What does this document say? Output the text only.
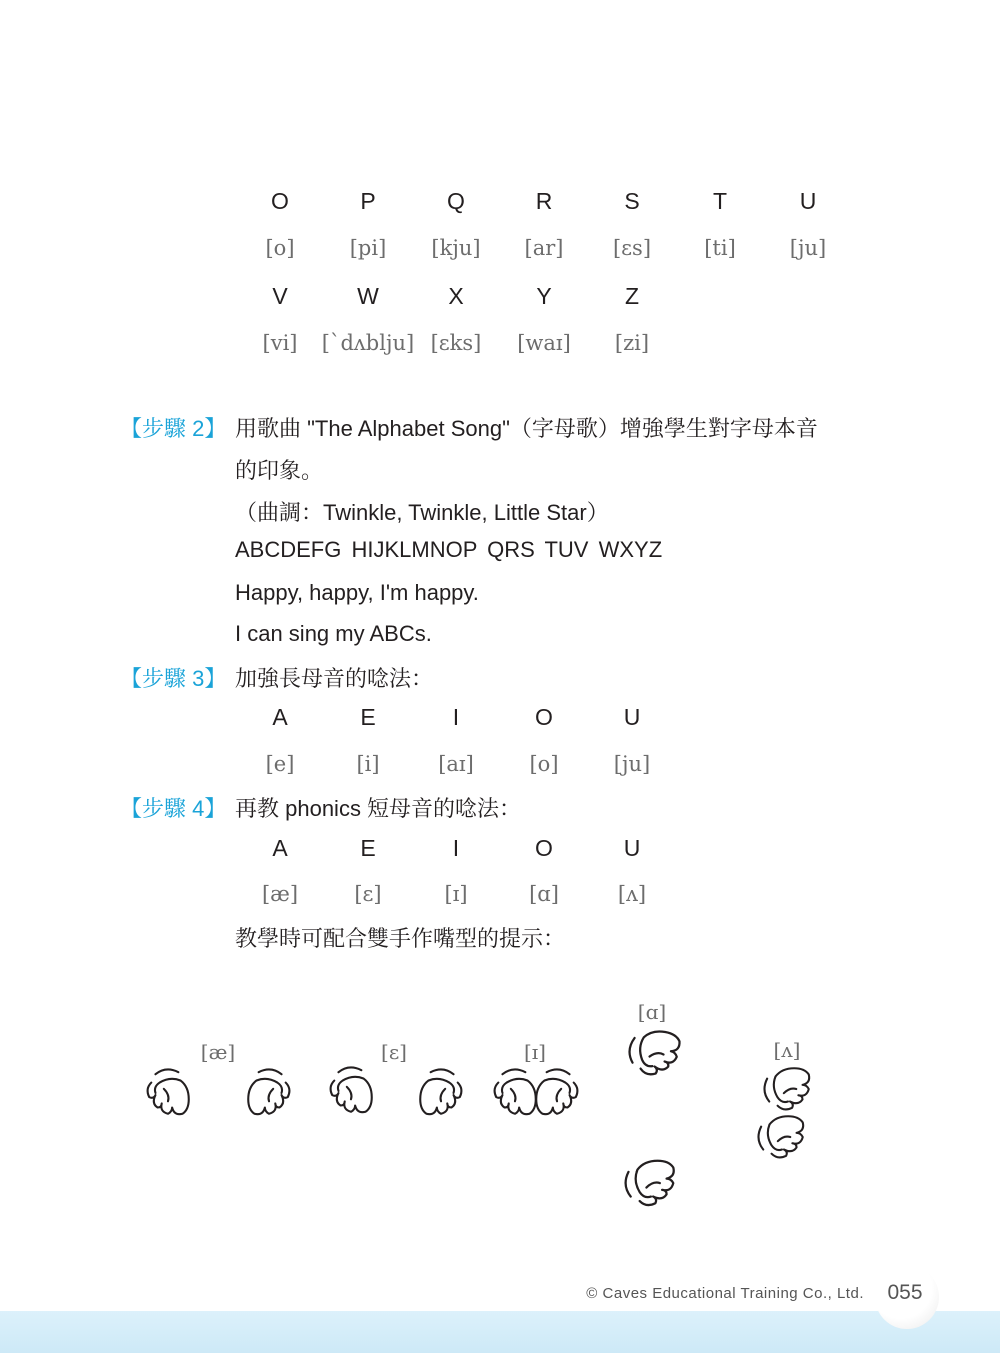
O	P	Q	R	S	T	U
[o]	[pi]	[kju]	[ar]	[ɛs]	[ti]	[ju]
V	W	X	Y	Z
[vi]	[`dʌblju] [ɛks]	[waɪ]	[zi]
【步驟 2】 用歌曲 "The Alphabet Song"（字母歌）增強學生對字母本音
的印象。
（曲調：Twinkle, Twinkle, Little Star）
ABCDEFG HIJKLMNOP QRS TUV WXYZ
Happy, happy, I'm happy.
I can sing my ABCs.
【步驟 3】 加強長母音的唸法：
A	E	I	O	U
[e]	[i]	[aɪ]	[o]	[ju]
【步驟 4】 再教 phonics 短母音的唸法：
A	E	I	O	U
[æ]	[ɛ]	[ɪ]	[ɑ]	[ʌ]
教學時可配合雙手作嘴型的提示：
[æ]	[ɛ]	[ɪ]
[ɑ]
[ʌ]
© Caves Educational Training Co., Ltd.	055
